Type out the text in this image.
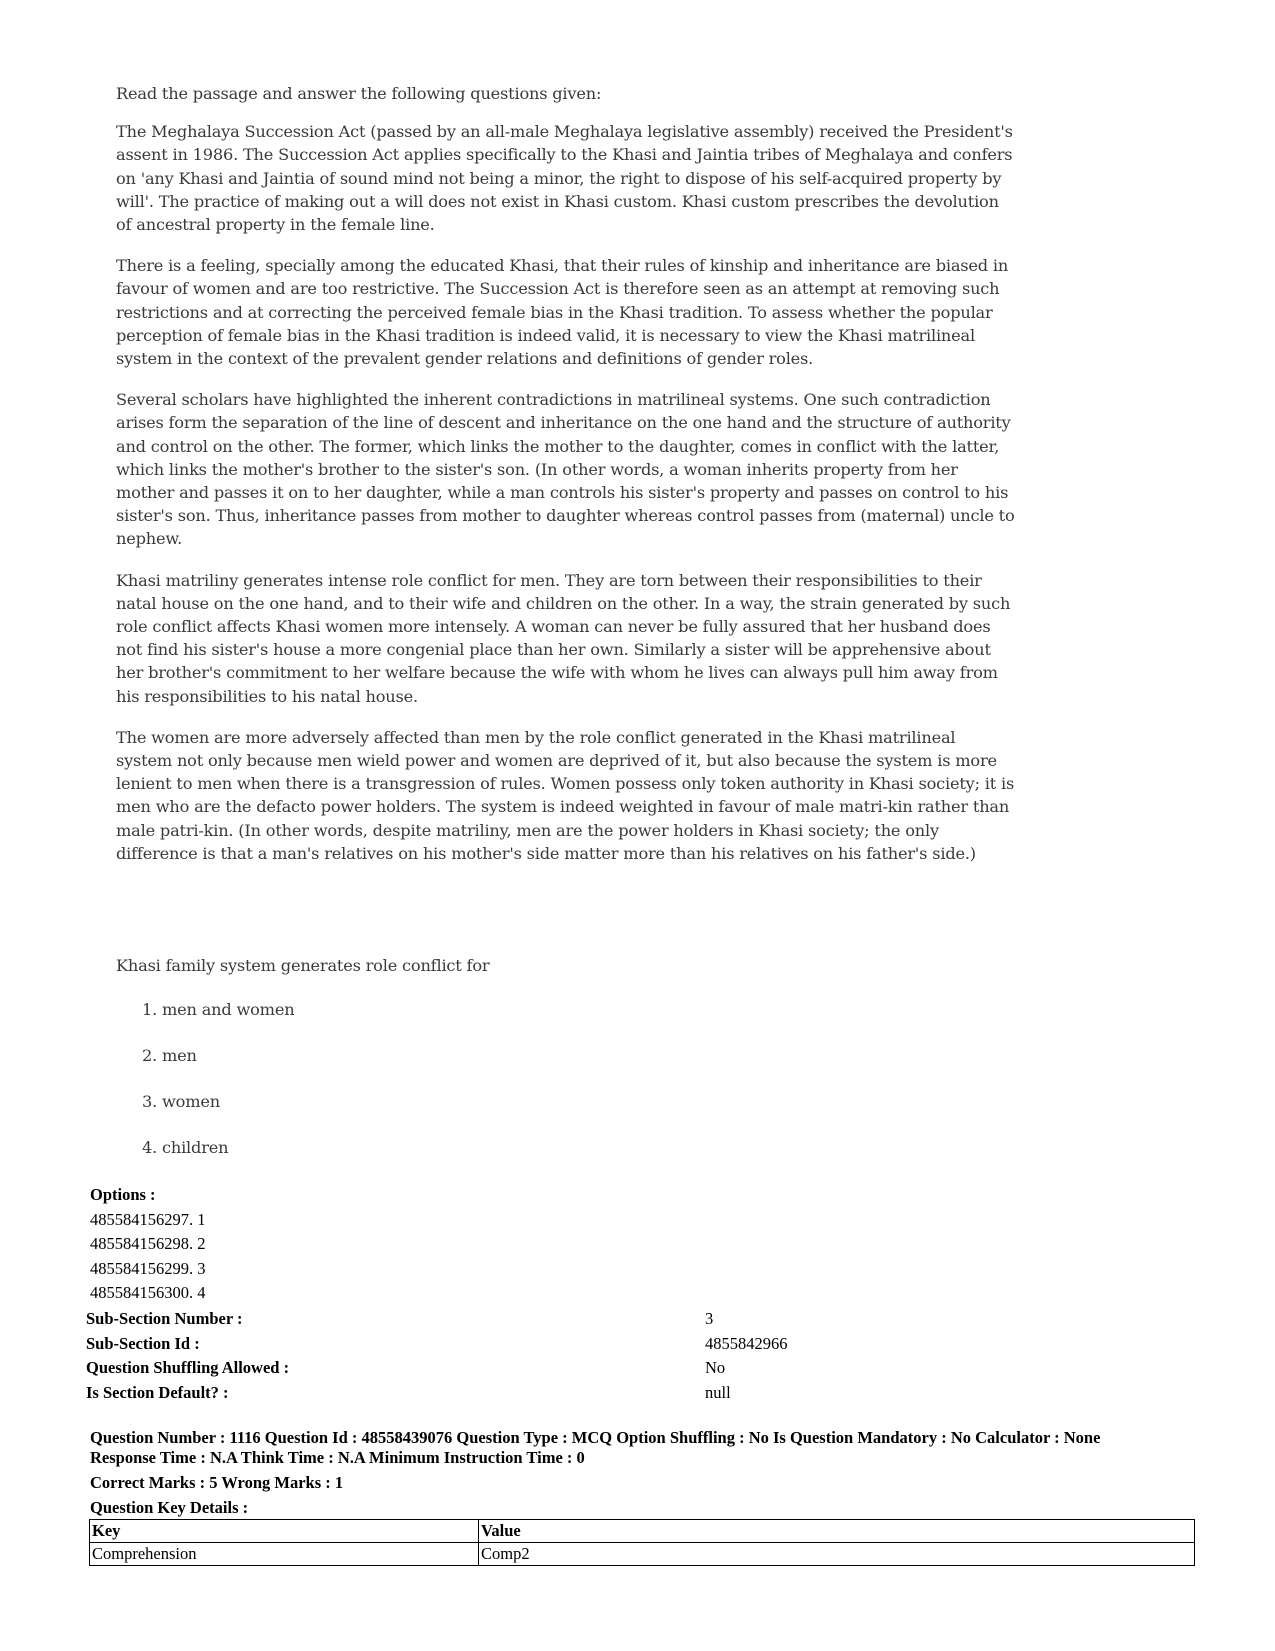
Read the passage and answer the following questions given:

The Meghalaya Succession Act (passed by an all-male Meghalaya legislative assembly) received the President's assent in 1986. The Succession Act applies specifically to the Khasi and Jaintia tribes of Meghalaya and confers on 'any Khasi and Jaintia of sound mind not being a minor, the right to dispose of his self-acquired property by will'. The practice of making out a will does not exist in Khasi custom. Khasi custom prescribes the devolution of ancestral property in the female line.

There is a feeling, specially among the educated Khasi, that their rules of kinship and inheritance are biased in favour of women and are too restrictive. The Succession Act is therefore seen as an attempt at removing such restrictions and at correcting the perceived female bias in the Khasi tradition. To assess whether the popular perception of female bias in the Khasi tradition is indeed valid, it is necessary to view the Khasi matrilineal system in the context of the prevalent gender relations and definitions of gender roles.

Several scholars have highlighted the inherent contradictions in matrilineal systems. One such contradiction arises form the separation of the line of descent and inheritance on the one hand and the structure of authority and control on the other. The former, which links the mother to the daughter, comes in conflict with the latter, which links the mother's brother to the sister's son. (In other words, a woman inherits property from her mother and passes it on to her daughter, while a man controls his sister's property and passes on control to his sister's son. Thus, inheritance passes from mother to daughter whereas control passes from (maternal) uncle to nephew.

Khasi matriliny generates intense role conflict for men. They are torn between their responsibilities to their natal house on the one hand, and to their wife and children on the other. In a way, the strain generated by such role conflict affects Khasi women more intensely. A woman can never be fully assured that her husband does not find his sister's house a more congenial place than her own. Similarly a sister will be apprehensive about her brother's commitment to her welfare because the wife with whom he lives can always pull him away from his responsibilities to his natal house.

The women are more adversely affected than men by the role conflict generated in the Khasi matrilineal system not only because men wield power and women are deprived of it, but also because the system is more lenient to men when there is a transgression of rules. Women possess only token authority in Khasi society; it is men who are the defacto power holders. The system is indeed weighted in favour of male matri-kin rather than male patri-kin. (In other words, despite matriliny, men are the power holders in Khasi society; the only difference is that a man's relatives on his mother's side matter more than his relatives on his father's side.)

Khasi family system generates role conflict for

1. men and women
2. men
3. women
4. children
Options :
485584156297. 1
485584156298. 2
485584156299. 3
485584156300. 4
Sub-Section Number :	3
Sub-Section Id :	4855842966
Question Shuffling Allowed :	No
Is Section Default? :	null

Question Number : 1116 Question Id : 48558439076 Question Type : MCQ Option Shuffling : No Is Question Mandatory : No Calculator : None

Response Time : N.A Think Time : N.A Minimum Instruction Time : 0

Correct Marks : 5 Wrong Marks : 1

Question Key Details :

Key	Value
Comprehension	Comp2
